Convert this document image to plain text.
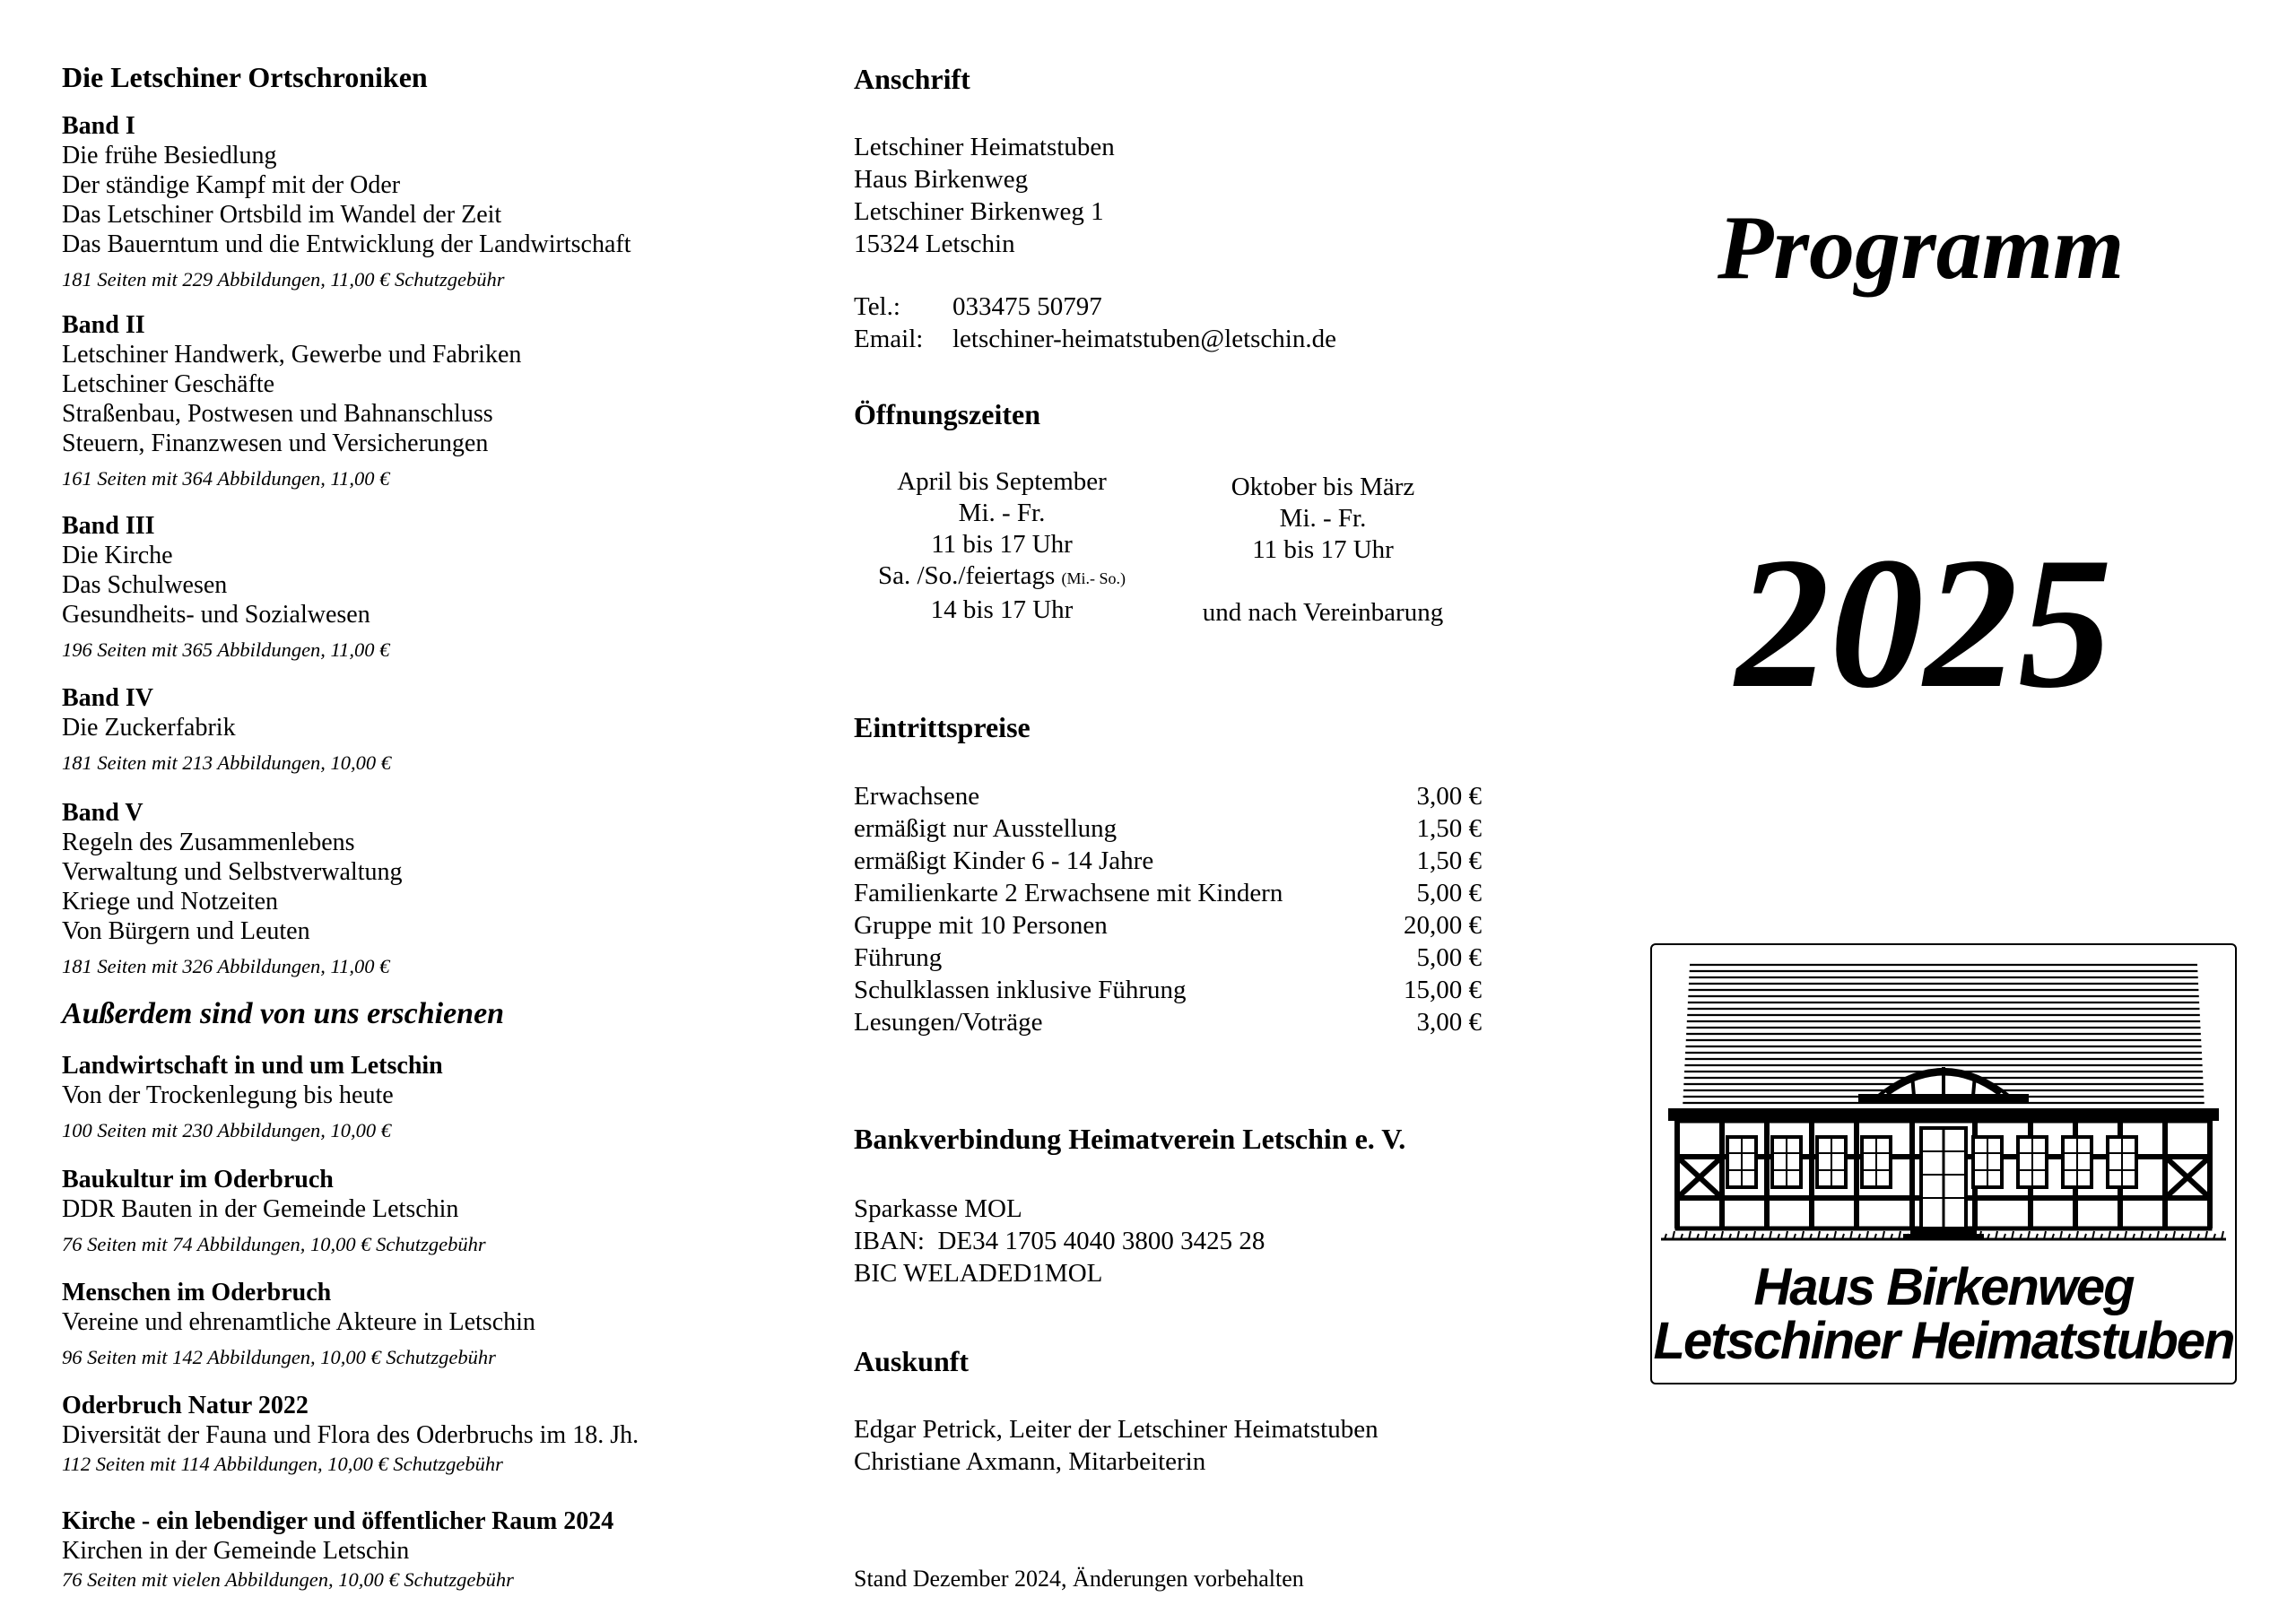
Die Letschiner Ortschroniken
Band I
Die frühe Besiedlung
Der ständige Kampf mit der Oder
Das Letschiner Ortsbild im Wandel der Zeit
Das Bauerntum und die Entwicklung der Landwirtschaft
181 Seiten mit 229 Abbildungen, 11,00 € Schutzgebühr
Band II
Letschiner Handwerk, Gewerbe und Fabriken
Letschiner Geschäfte
Straßenbau, Postwesen und Bahnanschluss
Steuern, Finanzwesen und Versicherungen
161 Seiten mit 364 Abbildungen, 11,00 €
Band III
Die Kirche
Das Schulwesen
Gesundheits- und Sozialwesen
196 Seiten mit 365 Abbildungen, 11,00 €
Band IV
Die Zuckerfabrik
181 Seiten mit 213 Abbildungen, 10,00 €
Band V
Regeln des Zusammenlebens
Verwaltung und Selbstverwaltung
Kriege und Notzeiten
Von Bürgern und Leuten
181 Seiten mit 326 Abbildungen, 11,00 €
Außerdem sind von uns erschienen
Landwirtschaft in und um Letschin
Von der Trockenlegung bis heute
100 Seiten mit 230 Abbildungen, 10,00 €
Baukultur im Oderbruch
DDR Bauten in der Gemeinde Letschin
76 Seiten mit 74 Abbildungen, 10,00 € Schutzgebühr
Menschen im Oderbruch
Vereine und ehrenamtliche Akteure in Letschin
96 Seiten mit 142 Abbildungen, 10,00 € Schutzgebühr
Oderbruch Natur 2022
Diversität der Fauna und Flora des Oderbruchs im 18. Jh.
112 Seiten mit 114 Abbildungen, 10,00 € Schutzgebühr
Kirche - ein lebendiger und öffentlicher Raum 2024
Kirchen in der Gemeinde Letschin
76 Seiten mit vielen Abbildungen, 10,00 € Schutzgebühr
Anschrift
Letschiner Heimatstuben
Haus Birkenweg
Letschiner Birkenweg 1
15324 Letschin
Tel.:	033475 50797
Email:	letschiner-heimatstuben@letschin.de
Öffnungszeiten
April bis September
Mi. - Fr.
11 bis 17 Uhr
Sa. /So./feiertags (Mi.- So.)
14 bis 17 Uhr
Oktober bis März
Mi. - Fr.
11 bis 17 Uhr
und nach Vereinbarung
Eintrittspreise
Erwachsene	3,00 €
ermäßigt nur Ausstellung	1,50 €
ermäßigt Kinder 6 - 14 Jahre	1,50 €
Familienkarte 2 Erwachsene mit Kindern	5,00 €
Gruppe mit 10 Personen	20,00 €
Führung	5,00 €
Schulklassen inklusive Führung	15,00 €
Lesungen/Voträge	3,00 €
Bankverbindung Heimatverein Letschin e. V.
Sparkasse MOL
IBAN:  DE34 1705 4040 3800 3425 28
BIC WELADED1MOL
Auskunft
Edgar Petrick, Leiter der Letschiner Heimatstuben
Christiane Axmann, Mitarbeiterin
Stand Dezember 2024, Änderungen vorbehalten
Programm
2025
Haus Birkenweg
Letschiner Heimatstuben
